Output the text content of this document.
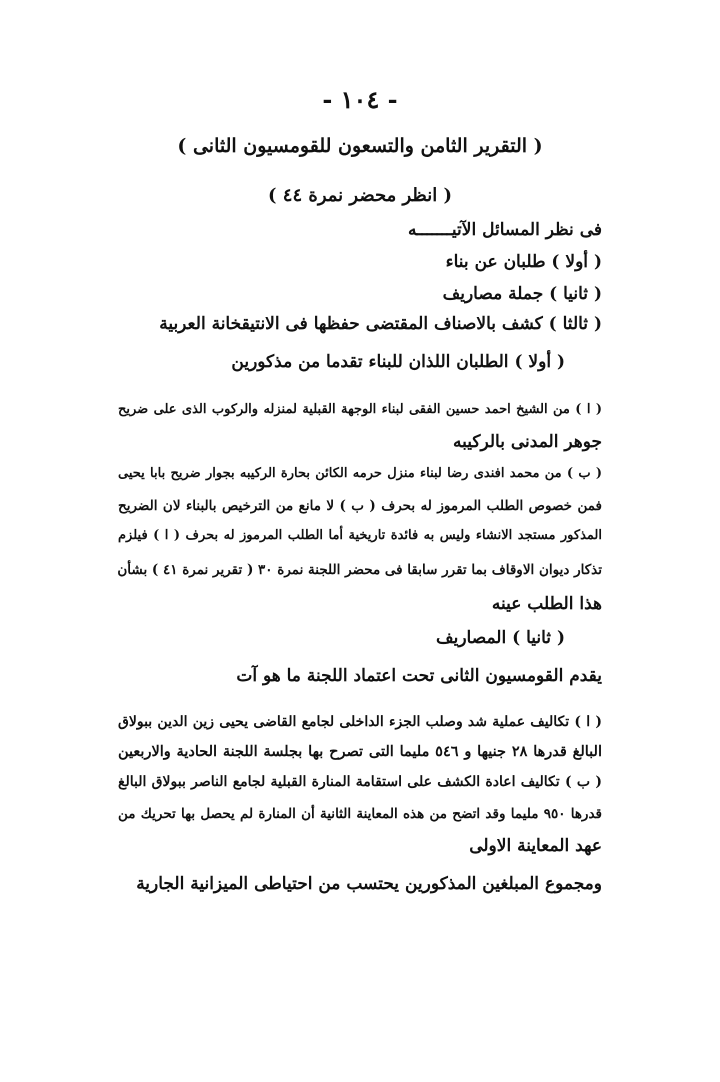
- ١٠٤ -
( التقرير الثامن والتسعون للقومسيون الثانى )
( انظر محضر نمرة ٤٤ )
فى نظر المسائل الآتيـــــــه
( أولا ) طلبان عن بناء
( ثانيا ) جملة مصاريف
( ثالثا ) كشف بالاصناف المقتضى حفظها فى الانتيقخانة العربية
( أولا ) الطلبان اللذان للبناء تقدما من مذكورين
( ا ) من الشيخ احمد حسين الفقى لبناء الوجهة القبلية لمنزله والركوب الذى على ضريح
جوهر المدنى بالركيبه
( ب ) من محمد افندى رضا لبناء منزل حرمه الكائن بحارة الركيبه بجوار ضريح بابا يحيى
فمن خصوص الطلب المرموز له بحرف ( ب ) لا مانع من الترخيص بالبناء لان الضريح
المذكور مستجد الانشاء وليس به فائدة تاريخية أما الطلب المرموز له بحرف ( ا ) فيلزم
تذكار ديوان الاوقاف بما تقرر سابقا فى محضر اللجنة نمرة ٣٠ ( تقرير نمرة ٤١ ) بشأن
هذا الطلب عينه
( ثانيا ) المصاريف
يقدم القومسيون الثانى تحت اعتماد اللجنة ما هو آت
( ا ) تكاليف عملية شد وصلب الجزء الداخلى لجامع القاضى يحيى زين الدين ببولاق
البالغ قدرها ٢٨ جنيها و ٥٤٦ مليما التى تصرح بها بجلسة اللجنة الحادية والاربعين
( ب ) تكاليف اعادة الكشف على استقامة المنارة القبلية لجامع الناصر ببولاق البالغ
قدرها ٩٥٠ مليما وقد اتضح من هذه المعاينة الثانية أن المنارة لم يحصل بها تحريك من
عهد المعاينة الاولى
ومجموع المبلغين المذكورين يحتسب من احتياطى الميزانية الجارية
